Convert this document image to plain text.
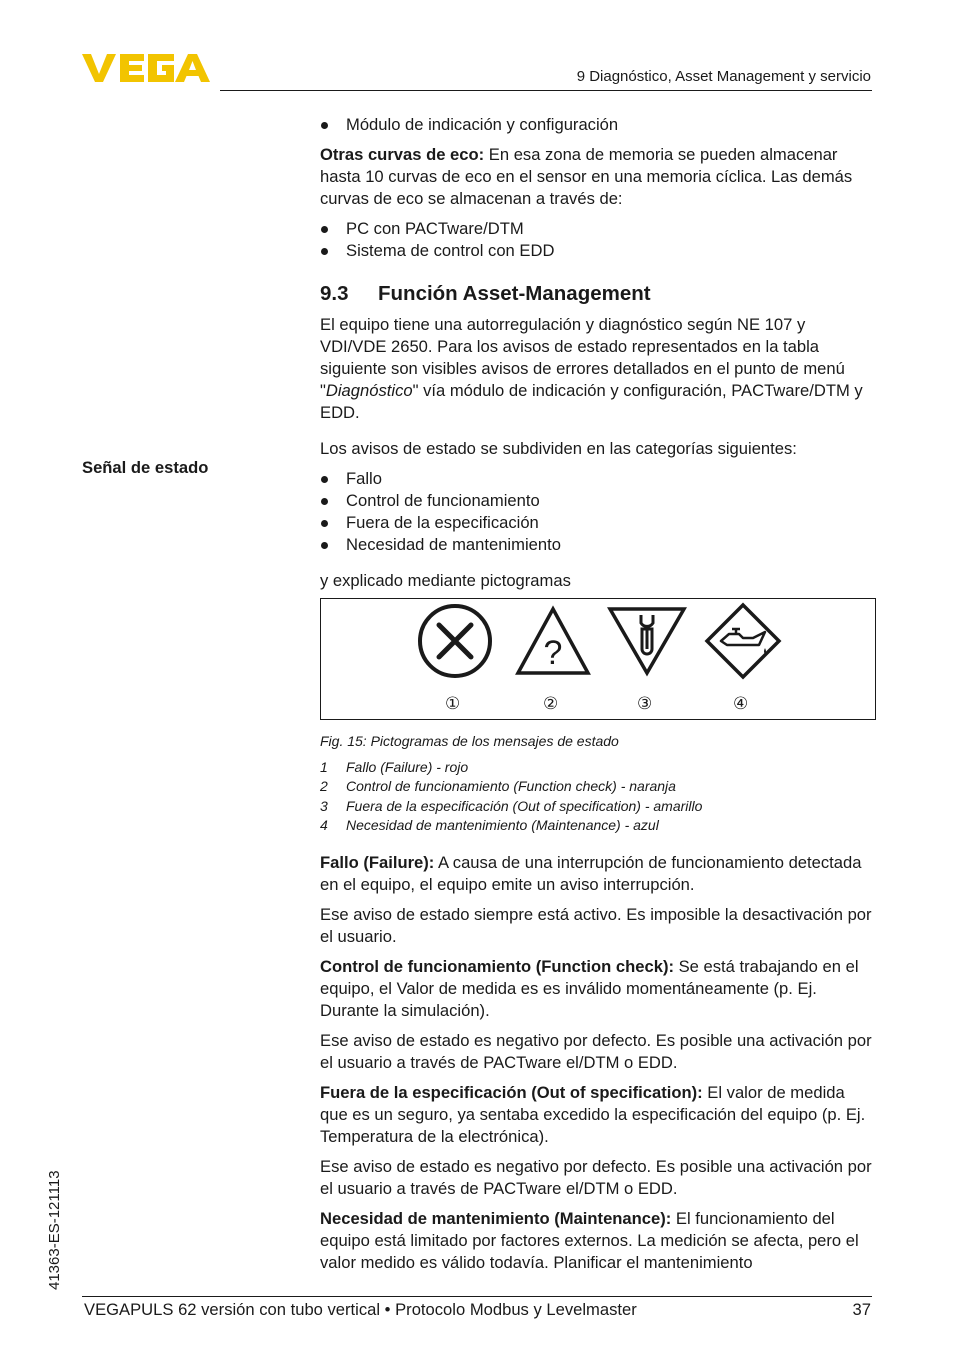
9 Diagnóstico, Asset Management y servicio
Señal de estado
Módulo de indicación y configuración

Otras curvas de eco: En esa zona de memoria se pueden almacenar hasta 10 curvas de eco en el sensor en una memoria cíclica. Las demás curvas de eco se almacenan a través de:

PC con PACTware/DTM
Sistema de control con EDD
9.3 Función Asset-Management

El equipo tiene una autorregulación y diagnóstico según NE 107 y VDI/VDE 2650. Para los avisos de estado representados en la tabla siguiente son visibles avisos de errores detallados en el punto de menú "Diagnóstico" vía módulo de indicación y configuración, PACTware/DTM y EDD.

Los avisos de estado se subdividen en las categorías siguientes:

Fallo
Control de funcionamiento
Fuera de la especificación
Necesidad de mantenimiento

y explicado mediante pictogramas

?
①	②	③	④
Fig. 15: Pictogramas de los mensajes de estado
1	Fallo (Failure) - rojo
2	Control de funcionamiento (Function check) - naranja
3	Fuera de la especificación (Out of specification) - amarillo
4	Necesidad de mantenimiento (Maintenance) - azul

Fallo (Failure): A causa de una interrupción de funcionamiento detectada en el equipo, el equipo emite un aviso interrupción.

Ese aviso de estado siempre está activo. Es imposible la desactivación por el usuario.

Control de funcionamiento (Function check): Se está trabajando en el equipo, el Valor de medida es es inválido momentáneamente (p. Ej. Durante la simulación).

Ese aviso de estado es negativo por defecto. Es posible una activación por el usuario a través de PACTware el/DTM o EDD.

Fuera de la especificación (Out of specification): El valor de medida que es un seguro, ya sentaba excedido la especificación del equipo (p. Ej. Temperatura de la electrónica).

Ese aviso de estado es negativo por defecto. Es posible una activación por el usuario a través de PACTware el/DTM o EDD.

Necesidad de mantenimiento (Maintenance): El funcionamiento del equipo está limitado por factores externos. La medición se afecta, pero el valor medido es válido todavía. Planificar el mantenimiento

41363-ES-121113
VEGAPULS 62 versión con tubo vertical • Protocolo Modbus y Levelmaster	37
